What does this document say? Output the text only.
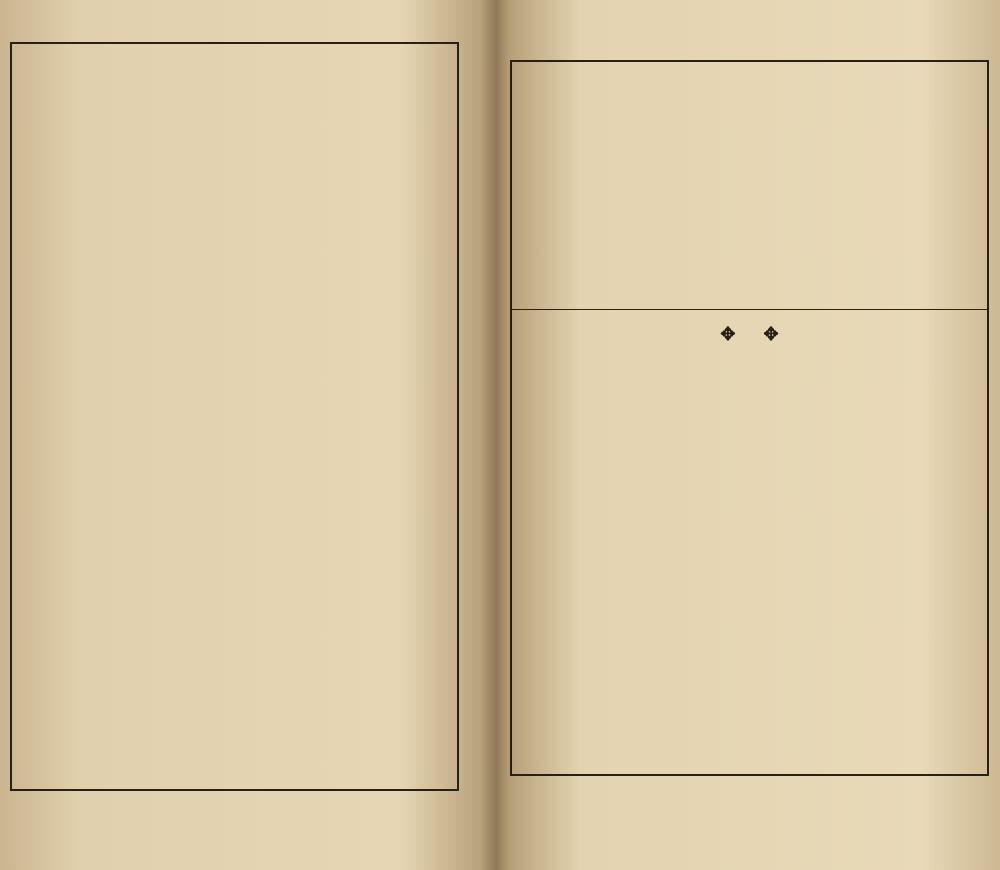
✥✥
